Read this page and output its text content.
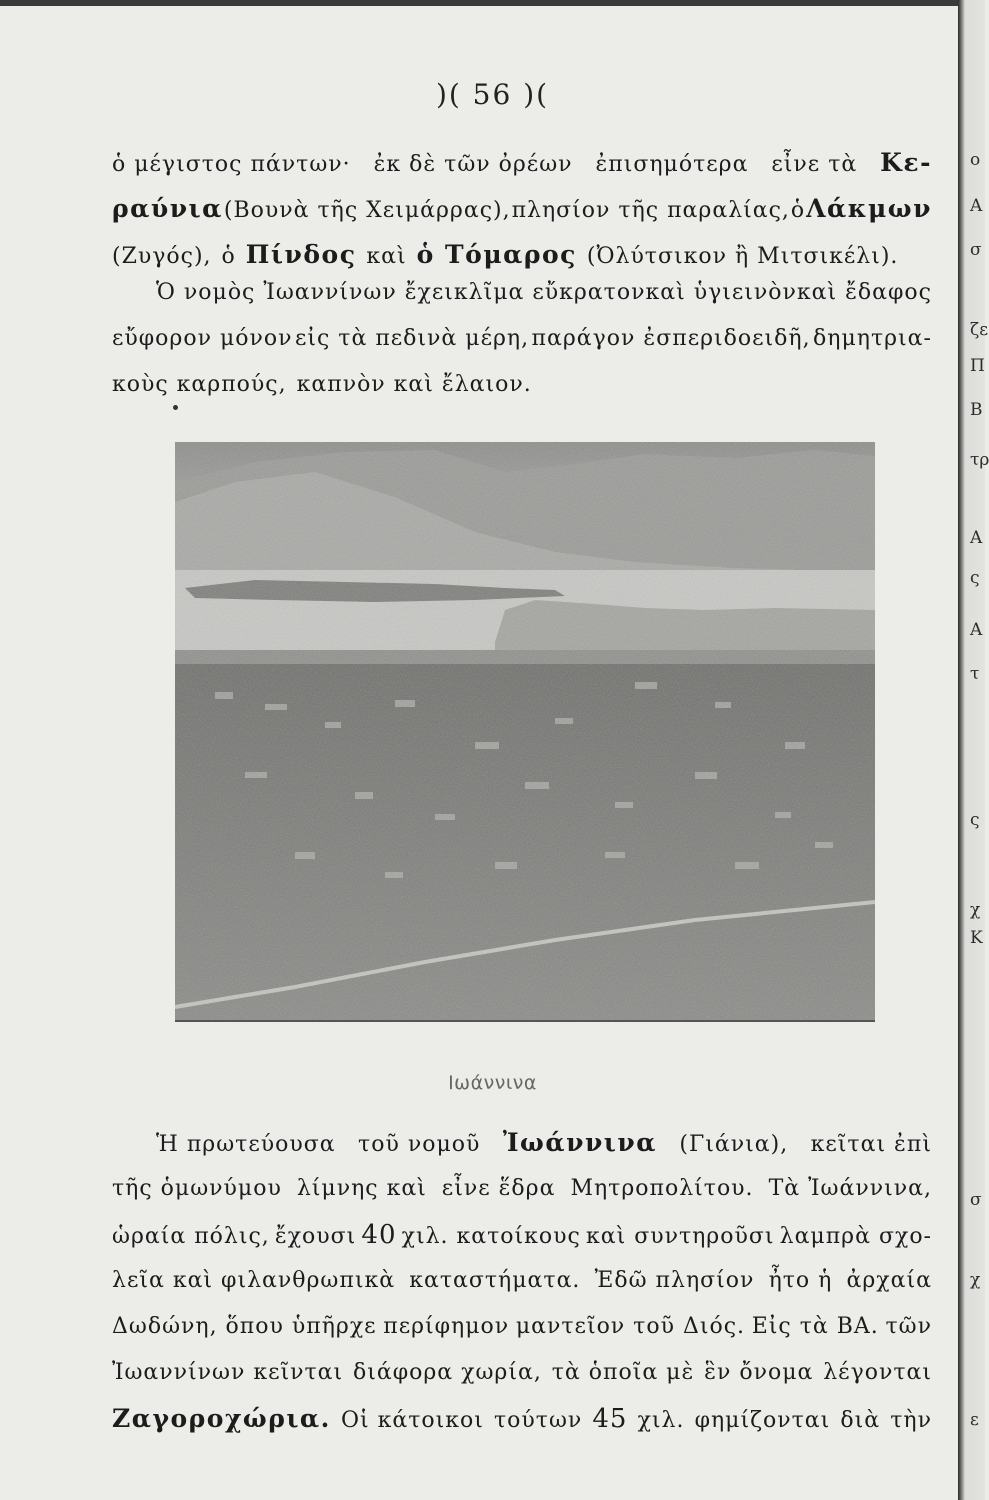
ο
Α
σ
ζε
Π
Β
τρ
Α
ς
Α
τ
ς
χ
Κ
σ
χ
ε
)( 56 )(
ὁ μέγιστος πάντων· ἐκ δὲ τῶν ὀρέων ἐπισημότερα εἶνε τὰ Κε-
ραύνια (Βουνὰ τῆς Χειμάρρας), πλησίον τῆς παραλίας, ὁ Λάκμων
(Ζυγός), ὁ Πίνδος καὶ ὁ Τόμαρος (Ὀλύτσικον ἢ Μιτσικέλι).
Ὁ νομὸς Ἰωαννίνων ἔχει κλῖμα εὔκρατον καὶ ὑγιεινὸν καὶ ἔδαφος
εὔφορον μόνον εἰς τὰ πεδινὰ μέρη, παράγον ἐσπεριδοειδῆ, δημητρια-
κοὺς καρπούς, καπνὸν καὶ ἔλαιον.
Ιωάννινα
Ἡ πρωτεύουσα τοῦ νομοῦ Ἰωάννινα (Γιάνια), κεῖται ἐπὶ
τῆς ὁμωνύμου λίμνης καὶ εἶνε ἕδρα Μητροπολίτου. Τὰ Ἰωάννινα,
ὡραία πόλις, ἔχουσι 40 χιλ. κατοίκους καὶ συντηροῦσι λαμπρὰ σχο-
λεῖα καὶ φιλανθρωπικὰ καταστήματα. Ἐδῶ πλησίον ἦτο ἡ ἀρχαία
Δωδώνη, ὅπου ὑπῆρχε περίφημον μαντεῖον τοῦ Διός. Εἰς τὰ ΒΑ. τῶν
Ἰωαννίνων κεῖνται διάφορα χωρία, τὰ ὁποῖα μὲ ἓν ὄνομα λέγονται
Ζαγοροχώρια. Οἱ κάτοικοι τούτων 45 χιλ. φημίζονται διὰ τὴν
